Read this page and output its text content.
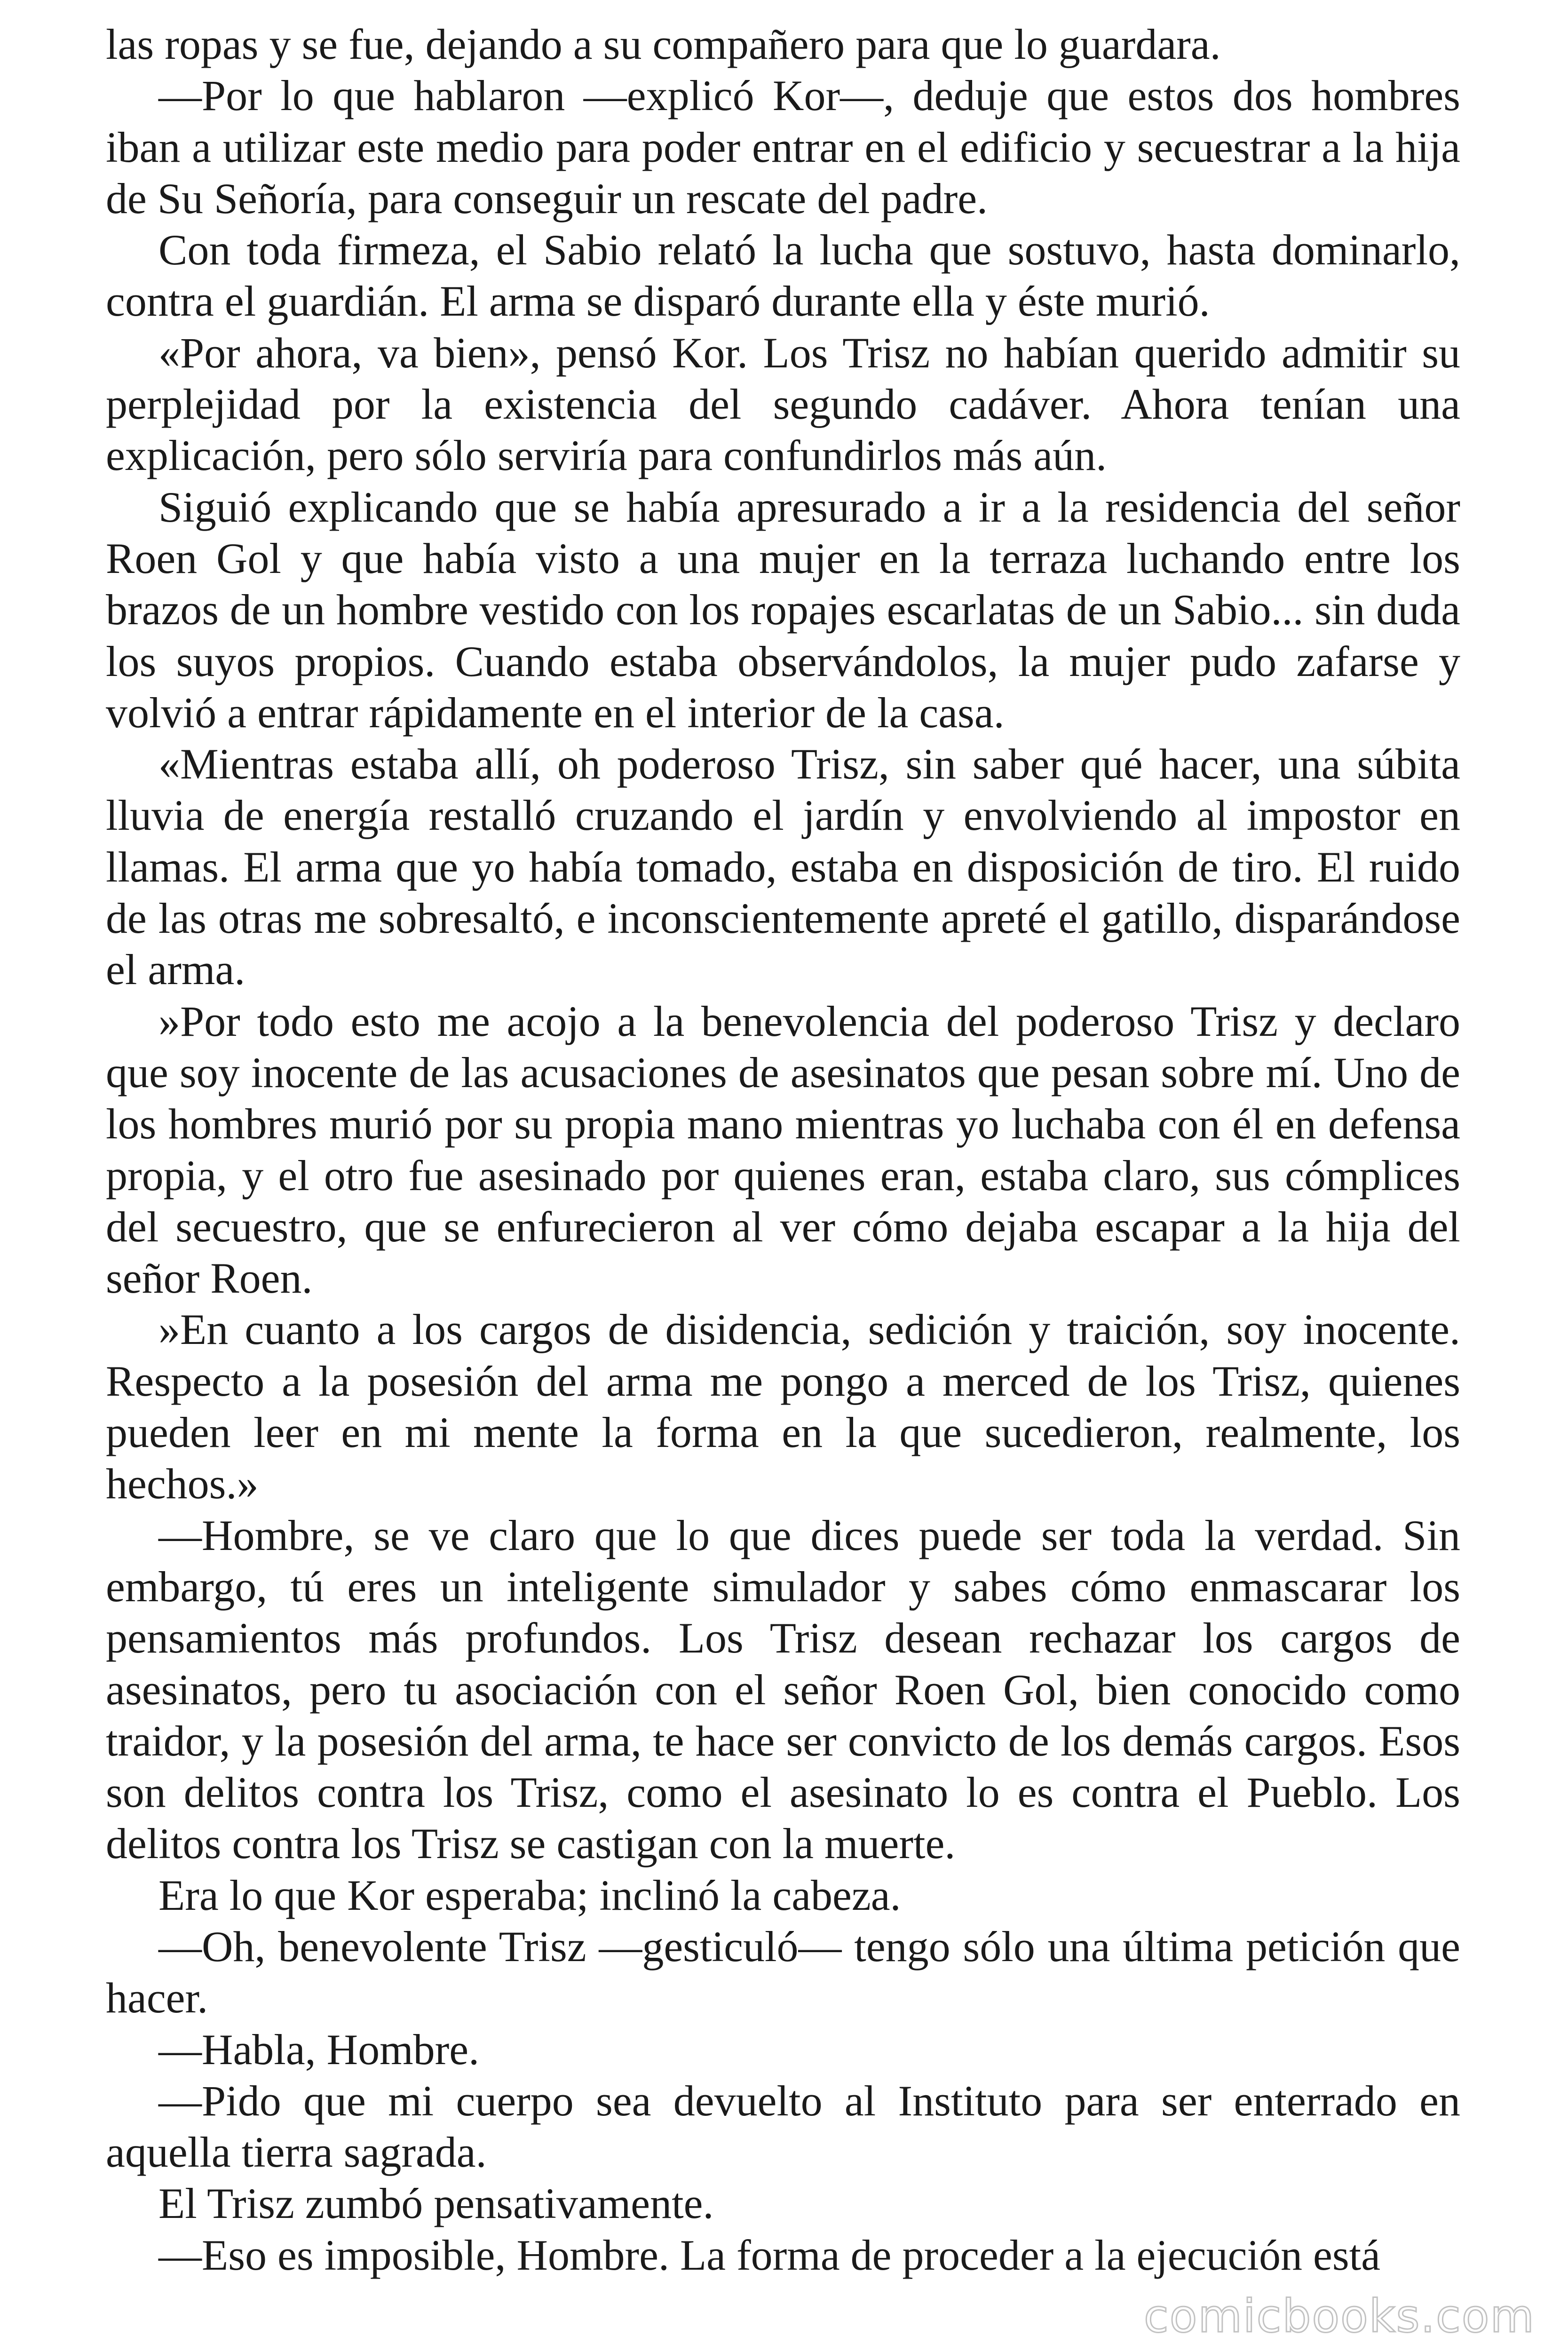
las ropas y se fue, dejando a su compañero para que lo guardara.

—Por lo que hablaron —explicó Kor—, deduje que estos dos hombres iban a utilizar este medio para poder entrar en el edificio y secuestrar a la hija de Su Señoría, para conseguir un rescate del padre.

Con toda firmeza, el Sabio relató la lucha que sostuvo, hasta dominarlo, contra el guardián. El arma se disparó durante ella y éste murió.

«Por ahora, va bien», pensó Kor. Los Trisz no habían querido admitir su perplejidad por la existencia del segundo cadáver. Ahora tenían una explicación, pero sólo serviría para confundirlos más aún.

Siguió explicando que se había apresurado a ir a la residencia del señor Roen Gol y que había visto a una mujer en la terraza luchando entre los brazos de un hombre vestido con los ropajes escarlatas de un Sabio... sin duda los suyos propios. Cuando estaba observándolos, la mujer pudo zafarse y volvió a entrar rápidamente en el interior de la casa.

«Mientras estaba allí, oh poderoso Trisz, sin saber qué hacer, una súbita lluvia de energía restalló cruzando el jardín y envolviendo al impostor en llamas. El arma que yo había tomado, estaba en disposición de tiro. El ruido de las otras me sobresaltó, e inconscientemente apreté el gatillo, disparándose el arma.

»Por todo esto me acojo a la benevolencia del poderoso Trisz y declaro que soy inocente de las acusaciones de asesinatos que pesan sobre mí. Uno de los hombres murió por su propia mano mientras yo luchaba con él en defensa propia, y el otro fue asesinado por quienes eran, estaba claro, sus cómplices del secuestro, que se enfurecieron al ver cómo dejaba escapar a la hija del señor Roen.

»En cuanto a los cargos de disidencia, sedición y traición, soy inocente. Respecto a la posesión del arma me pongo a merced de los Trisz, quienes pueden leer en mi mente la forma en la que sucedieron, realmente, los hechos.»

—Hombre, se ve claro que lo que dices puede ser toda la verdad. Sin embargo, tú eres un inteligente simulador y sabes cómo enmascarar los pensamientos más profundos. Los Trisz desean rechazar los cargos de asesinatos, pero tu asociación con el señor Roen Gol, bien conocido como traidor, y la posesión del arma, te hace ser convicto de los demás cargos. Esos son delitos contra los Trisz, como el asesinato lo es contra el Pueblo. Los delitos contra los Trisz se castigan con la muerte.

Era lo que Kor esperaba; inclinó la cabeza.

—Oh, benevolente Trisz —gesticuló— tengo sólo una última petición que hacer.

—Habla, Hombre.

—Pido que mi cuerpo sea devuelto al Instituto para ser enterrado en aquella tierra sagrada.

El Trisz zumbó pensativamente.

—Eso es imposible, Hombre. La forma de proceder a la ejecución está

comicbooks.com
